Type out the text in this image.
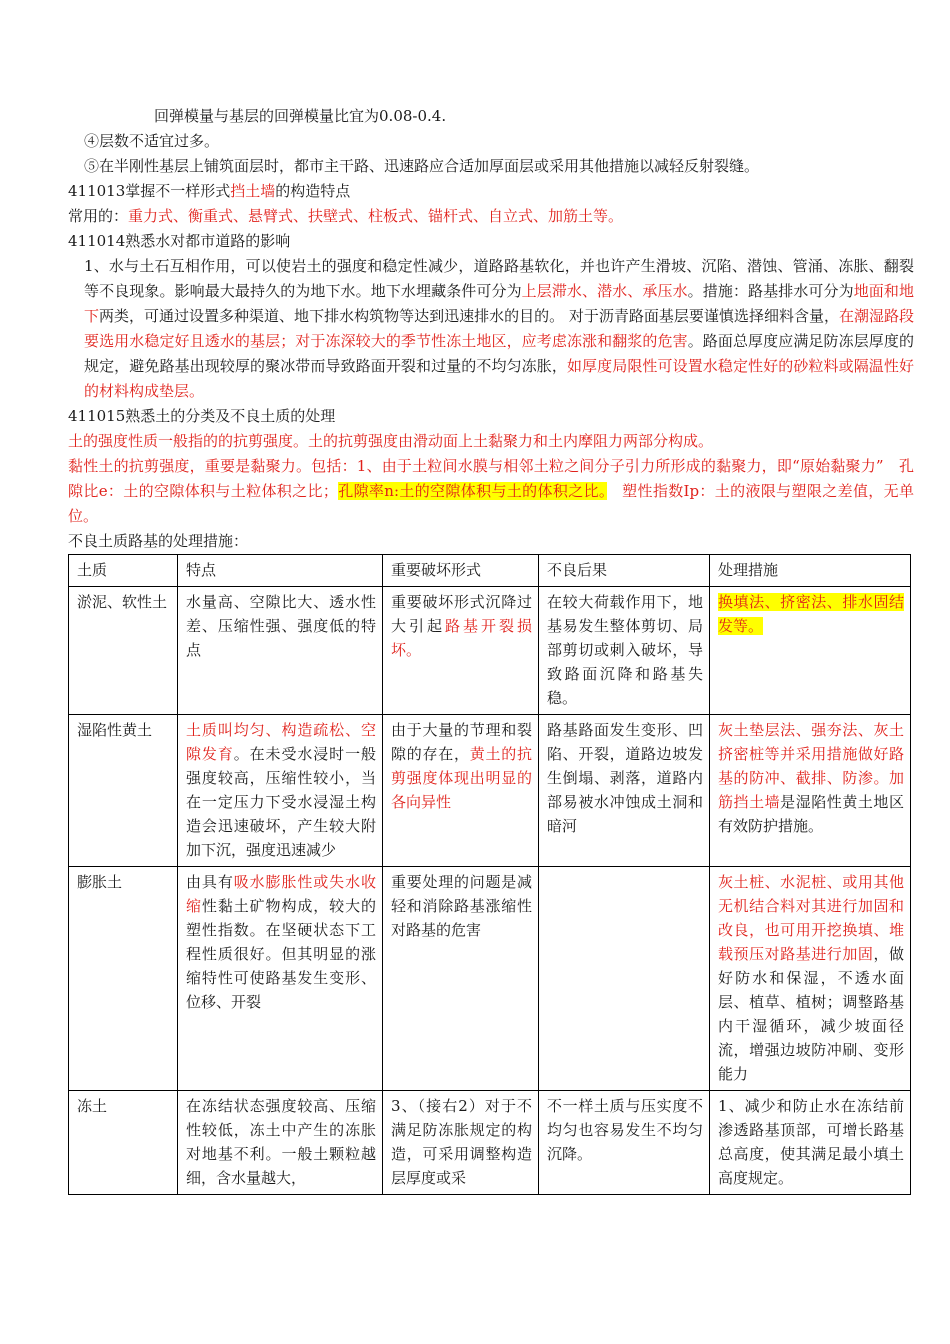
回弹模量与基层的回弹模量比宜为0.08-0.4.

④层数不适宜过多。

⑤在半刚性基层上铺筑面层时，都市主干路、迅速路应合适加厚面层或采用其他措施以减轻反射裂缝。

411013掌握不一样形式挡土墙的构造特点

常用的：重力式、衡重式、悬臂式、扶壁式、柱板式、锚杆式、自立式、加筋土等。

411014熟悉水对都市道路的影响

1、水与土石互相作用，可以使岩土的强度和稳定性减少，道路路基软化，并也许产生滑坡、沉陷、潜蚀、管涌、冻胀、翻裂等不良现象。影响最大最持久的为地下水。地下水埋藏条件可分为上层滞水、潜水、承压水。措施：路基排水可分为地面和地下两类，可通过设置多种渠道、地下排水构筑物等达到迅速排水的目的。 对于沥青路面基层要谨慎选择细料含量，在潮湿路段要选用水稳定好且透水的基层；对于冻深较大的季节性冻土地区，应考虑冻涨和翻浆的危害。路面总厚度应满足防冻层厚度的规定，避免路基出现较厚的聚冰带而导致路面开裂和过量的不均匀冻胀，如厚度局限性可设置水稳定性好的砂粒料或隔温性好的材料构成垫层。

411015熟悉土的分类及不良土质的处理

土的强度性质一般指的的抗剪强度。土的抗剪强度由滑动面上土黏聚力和土内摩阻力两部分构成。

黏性土的抗剪强度，重要是黏聚力。包括：1、由于土粒间水膜与相邻土粒之间分子引力所形成的黏聚力，即“原始黏聚力”　孔隙比e：土的空隙体积与土粒体积之比；孔隙率n:土的空隙体积与土的体积之比。　塑性指数Ip：土的液限与塑限之差值，无单位。

不良土质路基的处理措施：

土质	特点	重要破坏形式	不良后果	处理措施
淤泥、软性土	水量高、空隙比大、透水性差、压缩性强、强度低的特点	重要破坏形式沉降过大引起路基开裂损坏。	在较大荷载作用下，地基易发生整体剪切、局部剪切或刺入破坏，导致路面沉降和路基失稳。	换填法、挤密法、排水固结发等。
湿陷性黄土	土质叫均匀、构造疏松、空隙发育。在未受水浸时一般强度较高，压缩性较小，当在一定压力下受水浸湿土构造会迅速破坏，产生较大附加下沉，强度迅速减少	由于大量的节理和裂隙的存在，黄土的抗剪强度体现出明显的各向异性	路基路面发生变形、凹陷、开裂，道路边坡发生倒塌、剥落，道路内部易被水冲蚀成土洞和暗河	灰土垫层法、强夯法、灰土挤密桩等并采用措施做好路基的防冲、截排、防渗。加筋挡土墙是湿陷性黄土地区有效防护措施。
膨胀土	由具有吸水膨胀性或失水收缩性黏土矿物构成，较大的塑性指数。在坚硬状态下工程性质很好。但其明显的涨缩特性可使路基发生变形、位移、开裂	重要处理的问题是减轻和消除路基涨缩性对路基的危害		灰土桩、水泥桩、或用其他无机结合料对其进行加固和改良，也可用开挖换填、堆载预压对路基进行加固，做好防水和保湿，不透水面层、植草、植树；调整路基内干湿循环，减少坡面径流，增强边坡防冲刷、变形能力
冻土	在冻结状态强度较高、压缩性较低，冻土中产生的冻胀对地基不利。一般土颗粒越细，含水量越大，	3、（接右2）对于不满足防冻胀规定的构造，可采用调整构造层厚度或采	不一样土质与压实度不均匀也容易发生不均匀沉降。	1、减少和防止水在冻结前渗透路基顶部，可增长路基总高度，使其满足最小填土高度规定。
